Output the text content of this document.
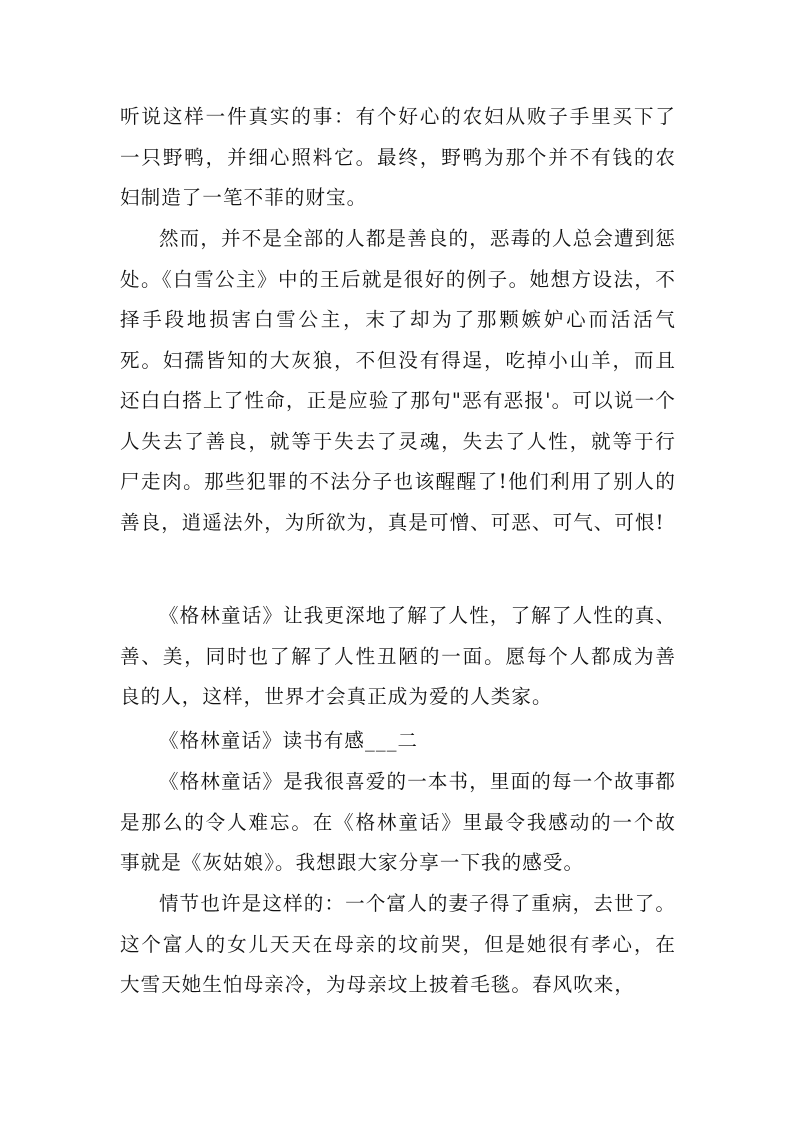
听说这样一件真实的事：有个好心的农妇从败子手里买下了一只野鸭，并细心照料它。最终，野鸭为那个并不有钱的农妇制造了一笔不菲的财宝。

然而，并不是全部的人都是善良的，恶毒的人总会遭到惩处。《白雪公主》中的王后就是很好的例子。她想方设法，不择手段地损害白雪公主，末了却为了那颗嫉妒心而活活气死。妇孺皆知的大灰狼，不但没有得逞，吃掉小山羊，而且还白白搭上了性命，正是应验了那句"恶有恶报'。可以说一个人失去了善良，就等于失去了灵魂，失去了人性，就等于行尸走肉。那些犯罪的不法分子也该醒醒了!他们利用了别人的善良，逍遥法外，为所欲为，真是可憎、可恶、可气、可恨!

《格林童话》让我更深地了解了人性，了解了人性的真、善、美，同时也了解了人性丑陋的一面。愿每个人都成为善良的人，这样，世界才会真正成为爱的人类家。

《格林童话》读书有感___二

《格林童话》是我很喜爱的一本书，里面的每一个故事都是那么的令人难忘。在《格林童话》里最令我感动的一个故事就是《灰姑娘》。我想跟大家分享一下我的感受。

情节也许是这样的：一个富人的妻子得了重病，去世了。这个富人的女儿天天在母亲的坟前哭，但是她很有孝心，在大雪天她生怕母亲冷，为母亲坟上披着毛毯。春风吹来，
